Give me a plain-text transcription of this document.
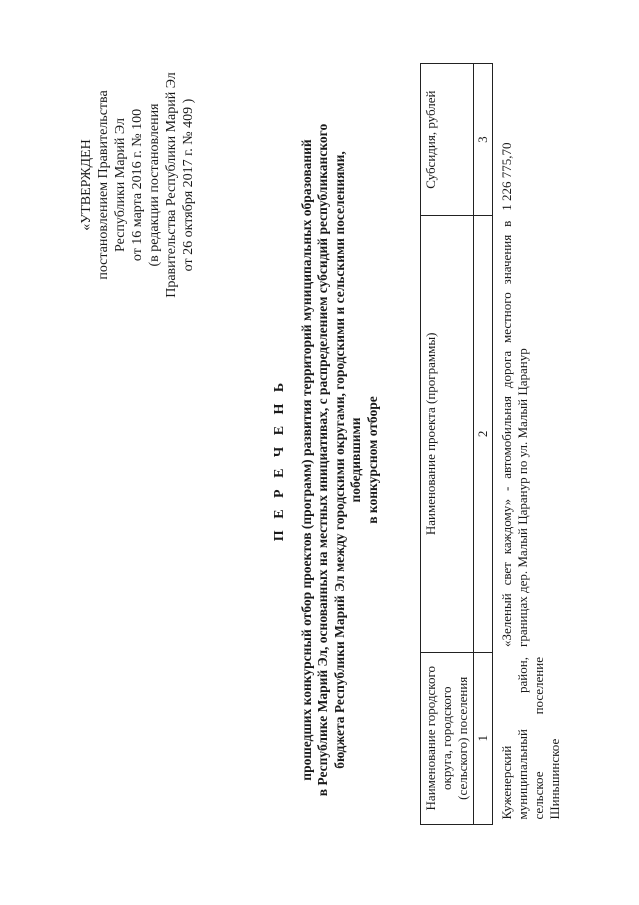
«УТВЕРЖДЕН постановлением Правительства Республики Марий Эл от 16 марта 2016 г. № 100 (в редакции постановления Правительства Республики Марий Эл от 26 октября 2017 г. № 409 )
П Е Р Е Ч Е Н Ь прошедших конкурсный отбор проектов (программ) развития территорий муниципальных образований в Республике Марий Эл, основанных на местных инициативах, с распределением субсидий республиканского бюджета Республики Марий Эл между городскими округами, городскими и сельскими поселениями, победившими в конкурсном отборе
Наименование городского округа, городского (сельского) поселения	Наименование проекта (программы)	Субсидия, рублей
1	2	3
Куженерский муниципальный район, сельское поселение Шиньшинское	«Зеленый свет каждому» - автомобильная дорога местного значения в границах дер. Малый Царанур по ул. Малый Царанур	1 226 775,70
